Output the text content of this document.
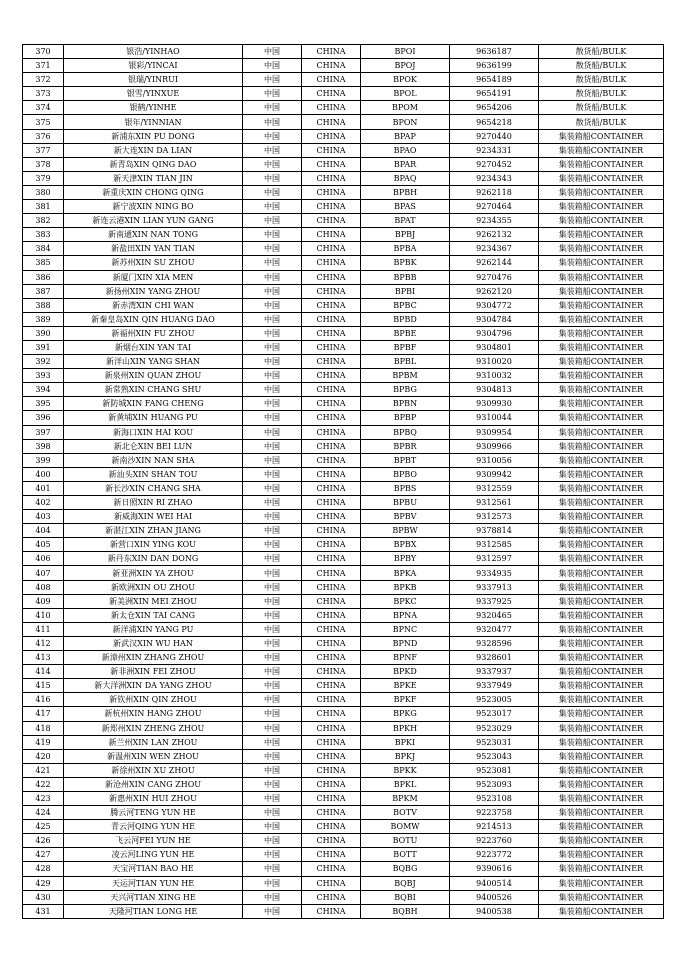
370	银浩/YINHAO	中国	CHINA	BPOI	9636187	散货船/BULK
371	银彩/YINCAI	中国	CHINA	BPOJ	9636199	散货船/BULK
372	银瑞/YINRUI	中国	CHINA	BPOK	9654189	散货船/BULK
373	银雪/YINXUE	中国	CHINA	BPOL	9654191	散货船/BULK
374	银鹤/YINHE	中国	CHINA	BPOM	9654206	散货船/BULK
375	银年/YINNIAN	中国	CHINA	BPON	9654218	散货船/BULK
376	新浦东XIN PU DONG	中国	CHINA	BPAP	9270440	集装箱船CONTAINER
377	新大连XIN DA LIAN	中国	CHINA	BPAO	9234331	集装箱船CONTAINER
378	新青岛XIN QING DAO	中国	CHINA	BPAR	9270452	集装箱船CONTAINER
379	新天津XIN TIAN JIN	中国	CHINA	BPAQ	9234343	集装箱船CONTAINER
380	新重庆XIN CHONG QING	中国	CHINA	BPBH	9262118	集装箱船CONTAINER
381	新宁波XIN NING BO	中国	CHINA	BPAS	9270464	集装箱船CONTAINER
382	新连云港XIN LIAN YUN GANG	中国	CHINA	BPAT	9234355	集装箱船CONTAINER
383	新南通XIN NAN TONG	中国	CHINA	BPBJ	9262132	集装箱船CONTAINER
384	新盐田XIN YAN TIAN	中国	CHINA	BPBA	9234367	集装箱船CONTAINER
385	新苏州XIN SU ZHOU	中国	CHINA	BPBK	9262144	集装箱船CONTAINER
386	新厦门XIN XIA MEN	中国	CHINA	BPBB	9270476	集装箱船CONTAINER
387	新扬州XIN YANG ZHOU	中国	CHINA	BPBI	9262120	集装箱船CONTAINER
388	新赤湾XIN CHI WAN	中国	CHINA	BPBC	9304772	集装箱船CONTAINER
389	新秦皇岛XIN QIN HUANG DAO	中国	CHINA	BPBD	9304784	集装箱船CONTAINER
390	新福州XIN FU ZHOU	中国	CHINA	BPBE	9304796	集装箱船CONTAINER
391	新烟台XIN YAN TAI	中国	CHINA	BPBF	9304801	集装箱船CONTAINER
392	新洋山XIN YANG SHAN	中国	CHINA	BPBL	9310020	集装箱船CONTAINER
393	新泉州XIN QUAN ZHOU	中国	CHINA	BPBM	9310032	集装箱船CONTAINER
394	新常熟XIN CHANG SHU	中国	CHINA	BPBG	9304813	集装箱船CONTAINER
395	新防城XIN FANG CHENG	中国	CHINA	BPBN	9309930	集装箱船CONTAINER
396	新黄埔XIN HUANG PU	中国	CHINA	BPBP	9310044	集装箱船CONTAINER
397	新海口XIN HAI KOU	中国	CHINA	BPBQ	9309954	集装箱船CONTAINER
398	新北仑XIN BEI LUN	中国	CHINA	BPBR	9309966	集装箱船CONTAINER
399	新南沙XIN NAN SHA	中国	CHINA	BPBT	9310056	集装箱船CONTAINER
400	新汕头XIN SHAN TOU	中国	CHINA	BPBO	9309942	集装箱船CONTAINER
401	新长沙XIN CHANG SHA	中国	CHINA	BPBS	9312559	集装箱船CONTAINER
402	新日照XIN RI ZHAO	中国	CHINA	BPBU	9312561	集装箱船CONTAINER
403	新威海XIN WEI HAI	中国	CHINA	BPBV	9312573	集装箱船CONTAINER
404	新湛江XIN ZHAN JIANG	中国	CHINA	BPBW	9378814	集装箱船CONTAINER
405	新营口XIN YING KOU	中国	CHINA	BPBX	9312585	集装箱船CONTAINER
406	新丹东XIN DAN DONG	中国	CHINA	BPBY	9312597	集装箱船CONTAINER
407	新亚洲XIN YA ZHOU	中国	CHINA	BPKA	9334935	集装箱船CONTAINER
408	新欧洲XIN OU ZHOU	中国	CHINA	BPKB	9337913	集装箱船CONTAINER
409	新美洲XIN MEI ZHOU	中国	CHINA	BPKC	9337925	集装箱船CONTAINER
410	新太仓XIN TAI CANG	中国	CHINA	BPNA	9320465	集装箱船CONTAINER
411	新洋浦XIN YANG PU	中国	CHINA	BPNC	9320477	集装箱船CONTAINER
412	新武汉XIN WU HAN	中国	CHINA	BPND	9328596	集装箱船CONTAINER
413	新漳州XIN ZHANG ZHOU	中国	CHINA	BPNF	9328601	集装箱船CONTAINER
414	新非洲XIN FEI ZHOU	中国	CHINA	BPKD	9337937	集装箱船CONTAINER
415	新大洋洲XIN DA YANG ZHOU	中国	CHINA	BPKE	9337949	集装箱船CONTAINER
416	新钦州XIN QIN ZHOU	中国	CHINA	BPKF	9523005	集装箱船CONTAINER
417	新杭州XIN HANG ZHOU	中国	CHINA	BPKG	9523017	集装箱船CONTAINER
418	新郑州XIN ZHENG ZHOU	中国	CHINA	BPKH	9523029	集装箱船CONTAINER
419	新兰州XIN LAN ZHOU	中国	CHINA	BPKI	9523031	集装箱船CONTAINER
420	新温州XIN WEN ZHOU	中国	CHINA	BPKJ	9523043	集装箱船CONTAINER
421	新徐州XIN XU ZHOU	中国	CHINA	BPKK	9523081	集装箱船CONTAINER
422	新沧州XIN CANG ZHOU	中国	CHINA	BPKL	9523093	集装箱船CONTAINER
423	新惠州XIN HUI ZHOU	中国	CHINA	BPKM	9523108	集装箱船CONTAINER
424	腾云河TENG YUN HE	中国	CHINA	BOTV	9223758	集装箱船CONTAINER
425	青云河QING YUN HE	中国	CHINA	BOMW	9214513	集装箱船CONTAINER
426	飞云河FEI YUN HE	中国	CHINA	BOTU	9223760	集装箱船CONTAINER
427	凌云河LING YUN HE	中国	CHINA	BOTT	9223772	集装箱船CONTAINER
428	天宝河TIAN BAO HE	中国	CHINA	BQBG	9390616	集装箱船CONTAINER
429	天运河TIAN YUN HE	中国	CHINA	BQBJ	9400514	集装箱船CONTAINER
430	天兴河TIAN XING HE	中国	CHINA	BQBI	9400526	集装箱船CONTAINER
431	天隆河TIAN LONG HE	中国	CHINA	BQBH	9400538	集装箱船CONTAINER
